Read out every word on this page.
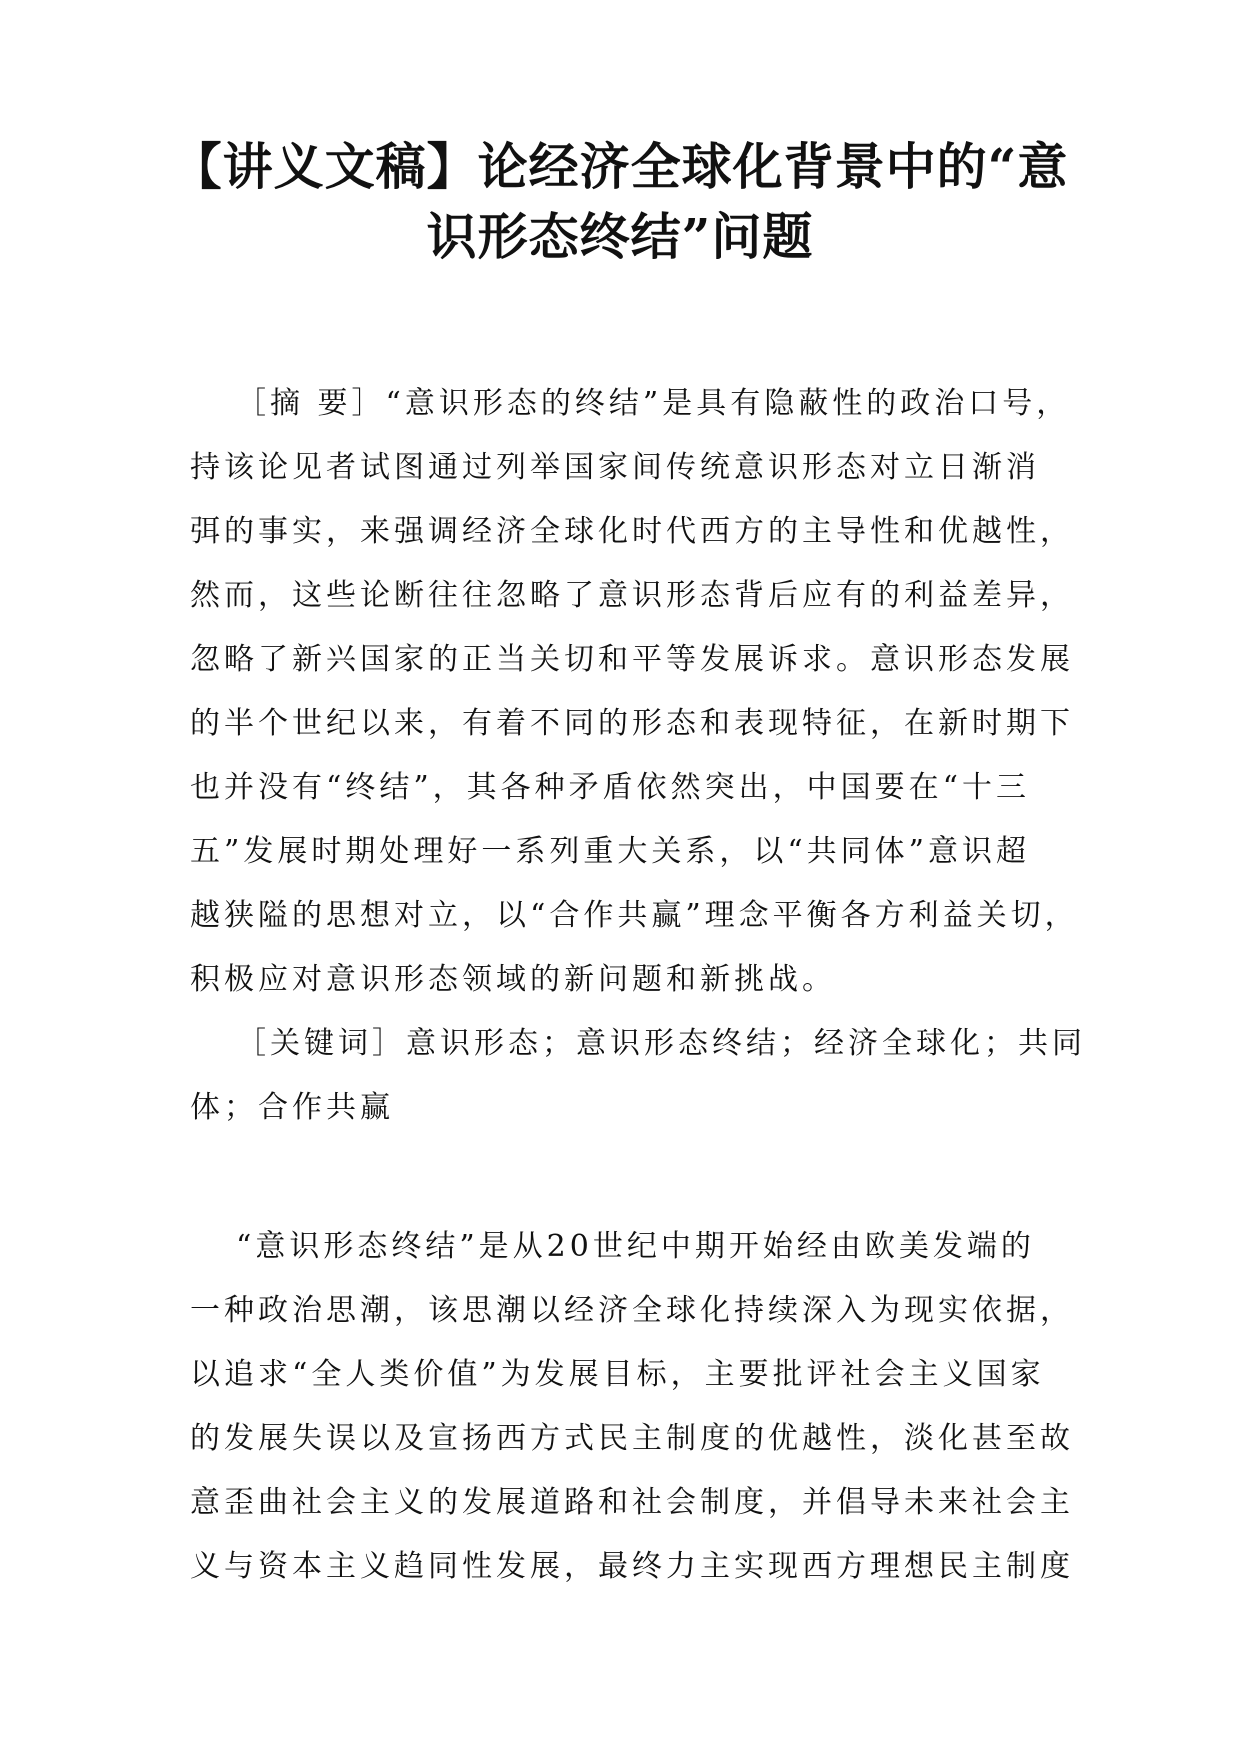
【讲义文稿】论经济全球化背景中的“意
识形态终结”问题
［摘 要］“意识形态的终结”是具有隐蔽性的政治口号，
持该论见者试图通过列举国家间传统意识形态对立日渐消
弭的事实，来强调经济全球化时代西方的主导性和优越性，
然而，这些论断往往忽略了意识形态背后应有的利益差异，
忽略了新兴国家的正当关切和平等发展诉求。意识形态发展
的半个世纪以来，有着不同的形态和表现特征，在新时期下
也并没有“终结”，其各种矛盾依然突出，中国要在“十三
五”发展时期处理好一系列重大关系，以“共同体”意识超
越狭隘的思想对立，以“合作共赢”理念平衡各方利益关切，
积极应对意识形态领域的新问题和新挑战。
［关键词］意识形态；意识形态终结；经济全球化；共同
体；合作共赢
“意识形态终结”是从20世纪中期开始经由欧美发端的
一种政治思潮，该思潮以经济全球化持续深入为现实依据，
以追求“全人类价值”为发展目标，主要批评社会主义国家
的发展失误以及宣扬西方式民主制度的优越性，淡化甚至故
意歪曲社会主义的发展道路和社会制度，并倡导未来社会主
义与资本主义趋同性发展，最终力主实现西方理想民主制度
